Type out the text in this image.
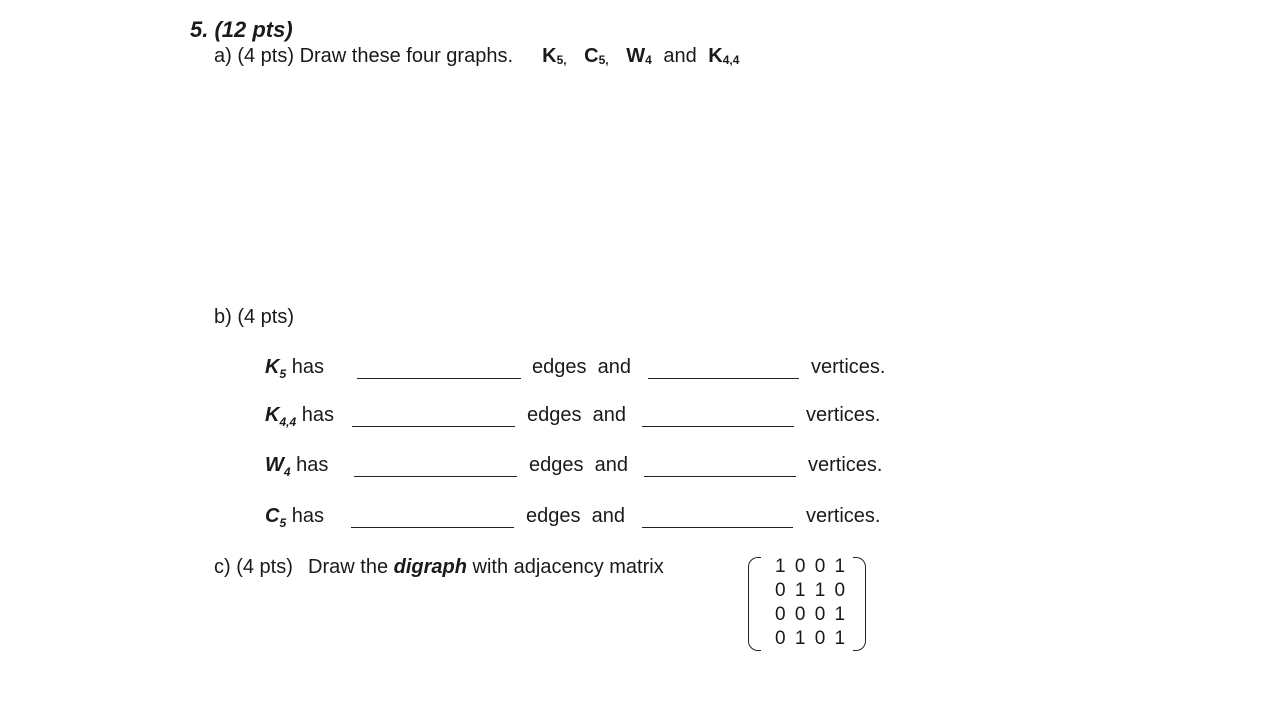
5. (12 pts)
a) (4 pts) Draw these four graphs. $K_{5,}$ $C_{5,}$ $W_4$ and $K_{4,4}$
b) (4 pts)
$K_5$ has	edges  and	vertices.
$K_{4,4}$ has	edges  and	vertices.
$W_4$ has	edges  and	vertices.
$C_5$ has	edges  and	vertices.
c) (4 pts) Draw the digraph with adjacency matrix	1 0 0 1
0 1 1 0
0 0 0 1
0 1 0 1
